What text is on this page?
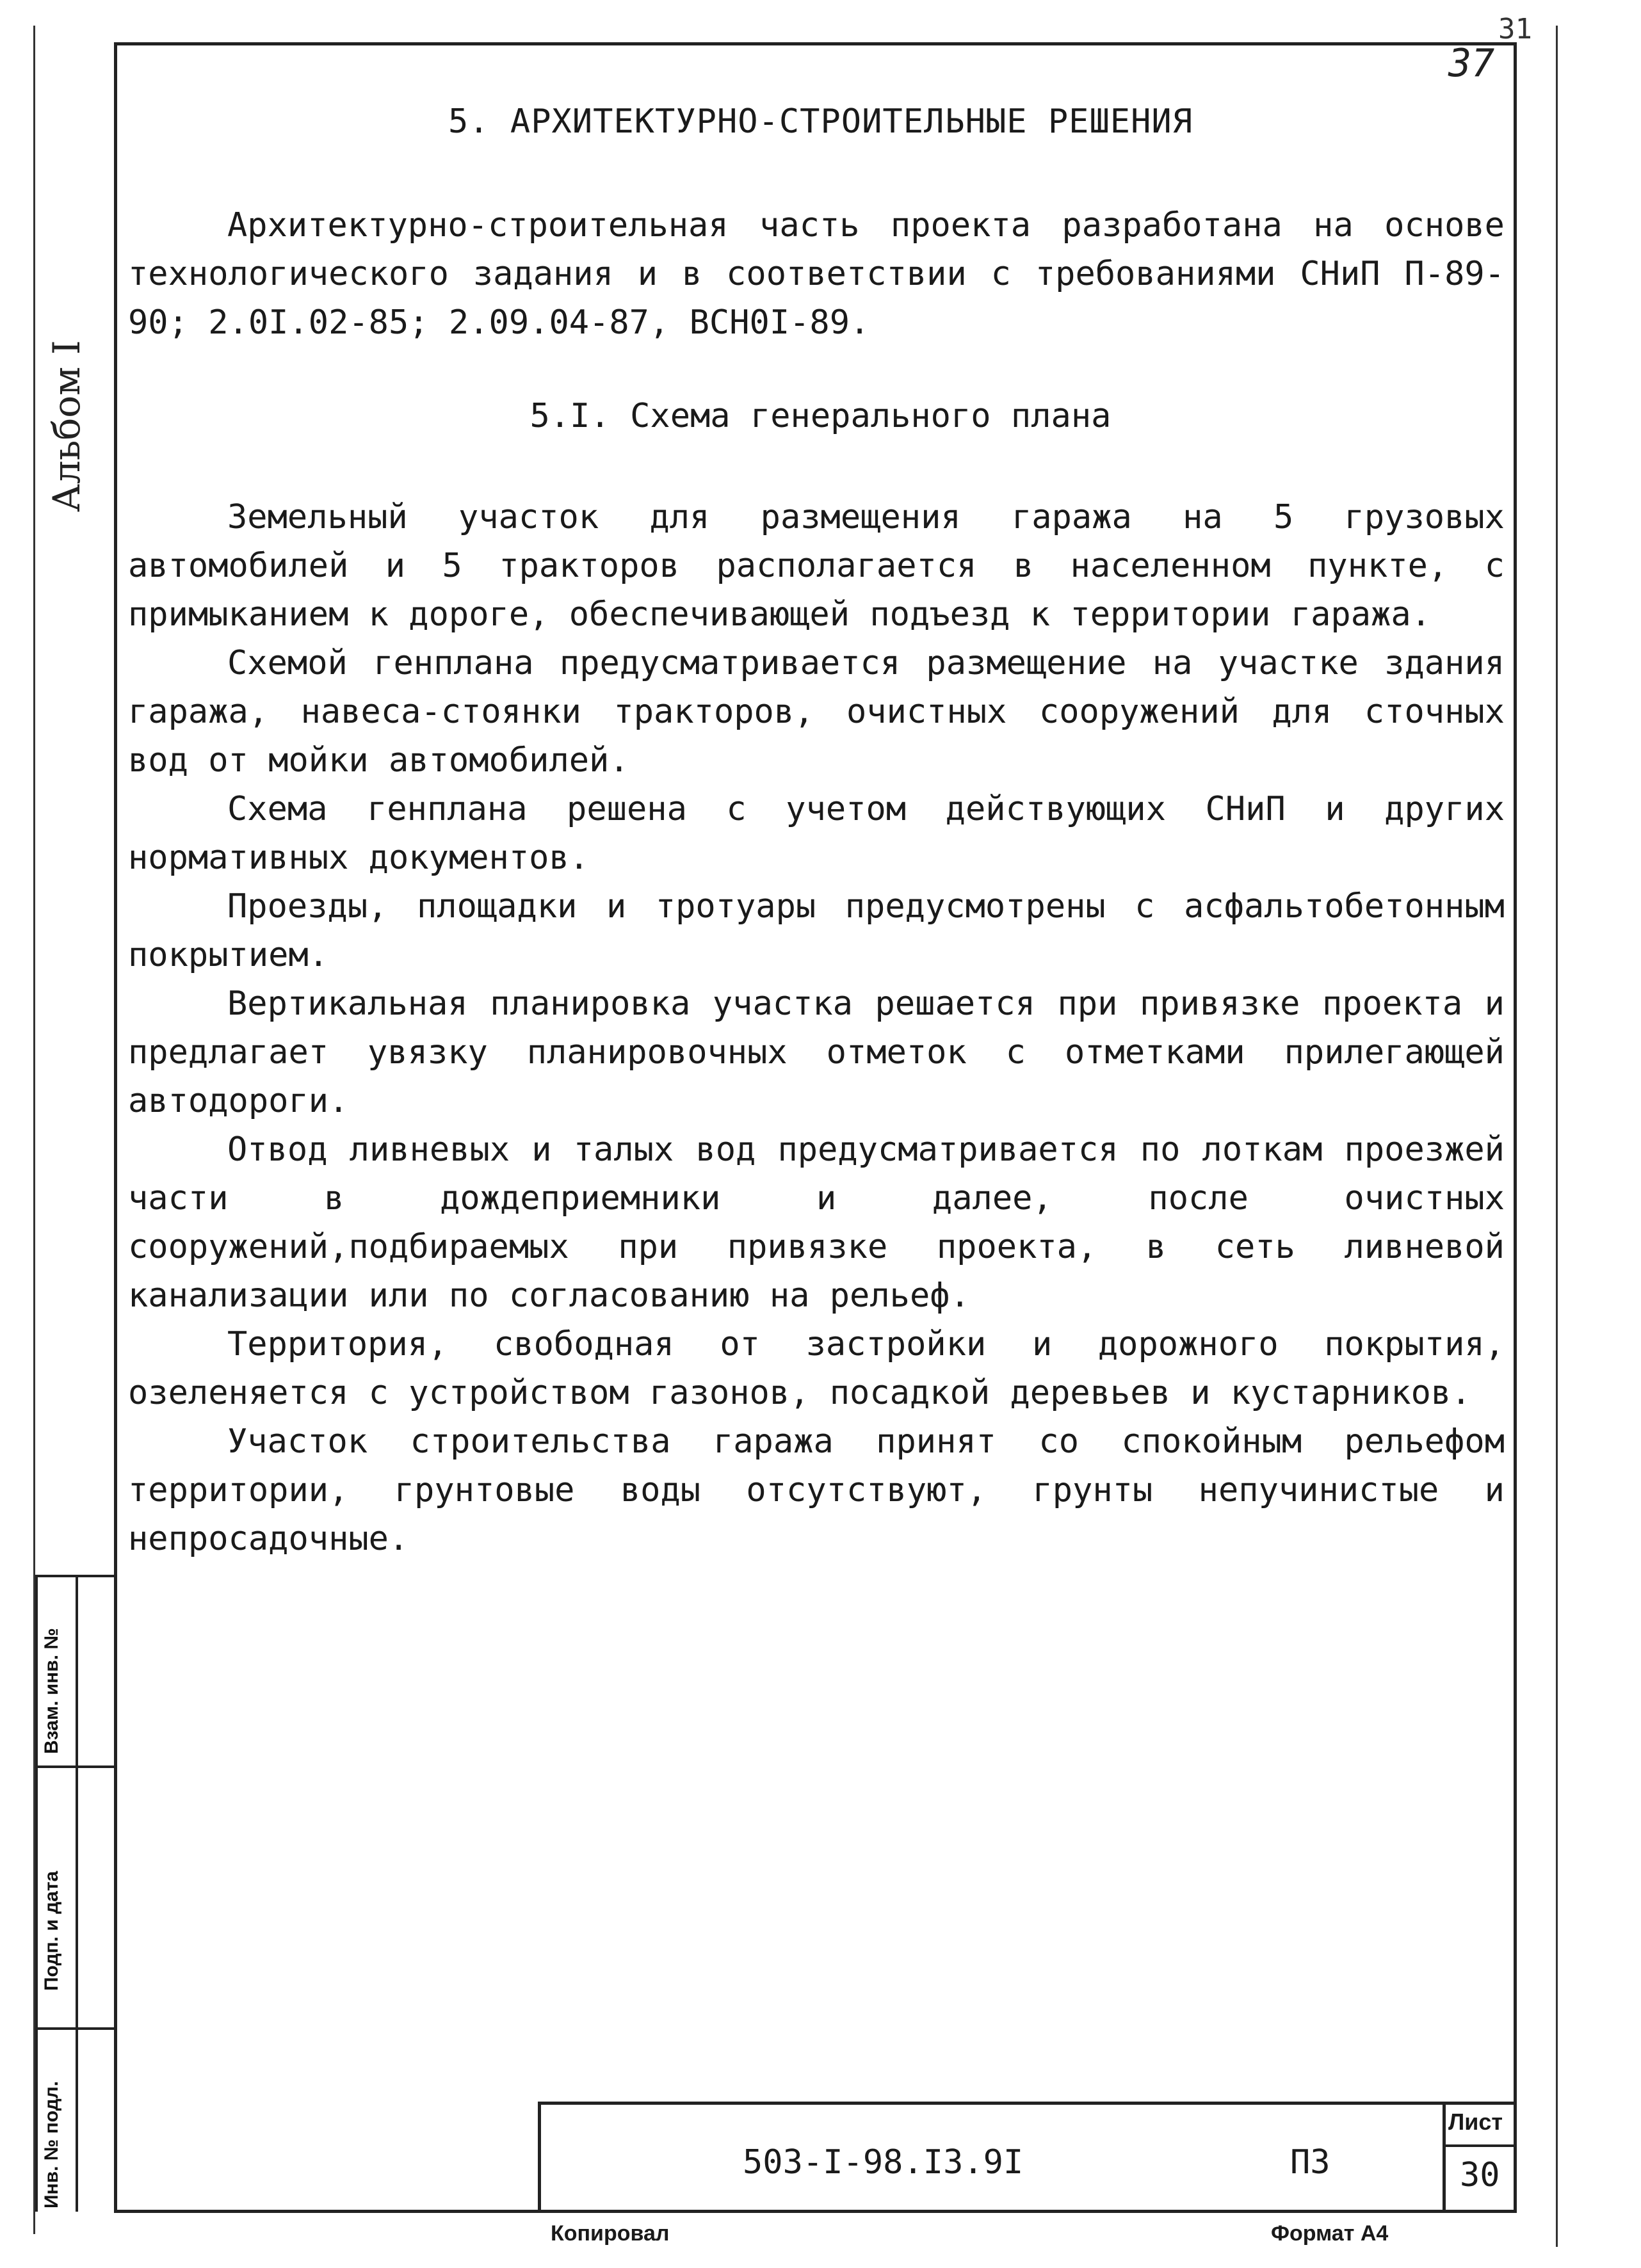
31
37
Альбом I
Взам. инв. №
Подп. и дата
Инв. № подл.
5. АРХИТЕКТУРНО-СТРОИТЕЛЬНЫЕ РЕШЕНИЯ
Архитектурно-строительная часть проекта разработана на основе технологического задания и в соответствии с требованиями СНиП П-89-90; 2.0I.02-85; 2.09.04-87, ВСН0I-89.
5.I. Схема генерального плана
Земельный участок для размещения гаража на 5 грузовых автомобилей и 5 тракторов располагается в населенном пункте, с примыканием к дороге, обеспечивающей подъезд к территории гаража.
Схемой генплана предусматривается размещение на участке здания гаража, навеса-стоянки тракторов, очистных сооружений для сточных вод от мойки автомобилей.
Схема генплана решена с учетом действующих СНиП и других нормативных документов.
Проезды, площадки и тротуары предусмотрены с асфальтобетонным покрытием.
Вертикальная планировка участка решается при привязке проекта и предлагает увязку планировочных отметок с отметками прилегающей автодороги.
Отвод ливневых и талых вод предусматривается по лоткам проезжей части в дождеприемники и далее, после очистных сооружений,подбираемых при привязке проекта, в сеть ливневой канализации или по согласованию на рельеф.
Территория, свободная от застройки и дорожного покрытия, озеленяется с устройством газонов, посадкой деревьев и кустарников.
Участок строительства гаража принят со спокойным рельефом территории, грунтовые воды отсутствуют, грунты непучинистые и непросадочные.
503-I-98.I3.9I	ПЗ
Лист
30
Копировал	Формат А4
